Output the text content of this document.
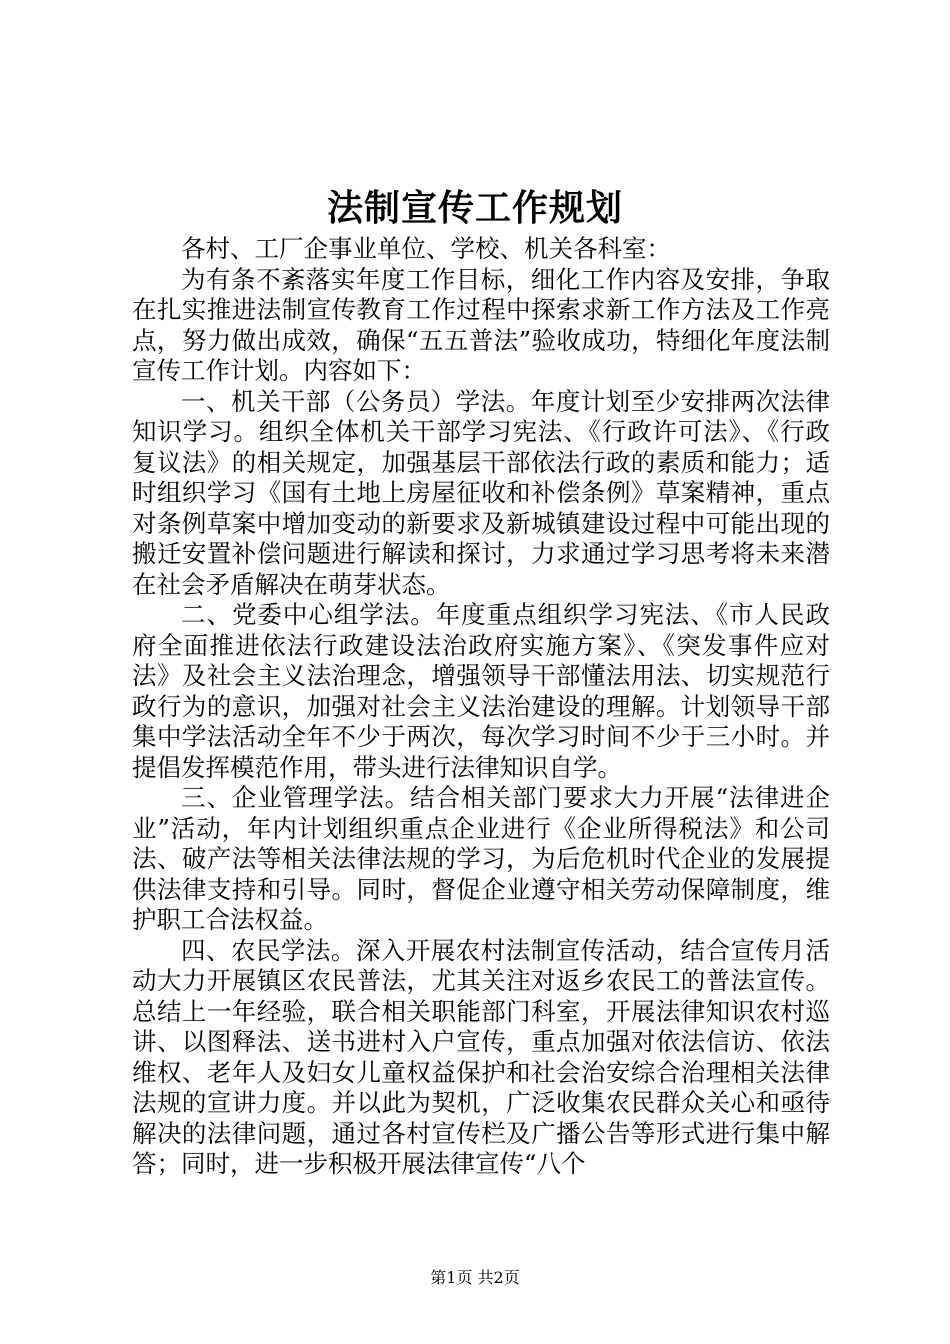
法制宣传工作规划

各村、工厂企事业单位、学校、机关各科室：

为有条不紊落实年度工作目标，细化工作内容及安排，争取在扎实推进法制宣传教育工作过程中探索求新工作方法及工作亮点，努力做出成效，确保“五五普法”验收成功，特细化年度法制宣传工作计划。内容如下：

一、机关干部（公务员）学法。年度计划至少安排两次法律知识学习。组织全体机关干部学习宪法、《行政许可法》、《行政复议法》的相关规定，加强基层干部依法行政的素质和能力；适时组织学习《国有土地上房屋征收和补偿条例》草案精神，重点对条例草案中增加变动的新要求及新城镇建设过程中可能出现的搬迁安置补偿问题进行解读和探讨，力求通过学习思考将未来潜在社会矛盾解决在萌芽状态。

二、党委中心组学法。年度重点组织学习宪法、《市人民政府全面推进依法行政建设法治政府实施方案》、《突发事件应对法》及社会主义法治理念，增强领导干部懂法用法、切实规范行政行为的意识，加强对社会主义法治建设的理解。计划领导干部集中学法活动全年不少于两次，每次学习时间不少于三小时。并提倡发挥模范作用，带头进行法律知识自学。

三、企业管理学法。结合相关部门要求大力开展“法律进企业”活动，年内计划组织重点企业进行《企业所得税法》和公司法、破产法等相关法律法规的学习，为后危机时代企业的发展提供法律支持和引导。同时，督促企业遵守相关劳动保障制度，维护职工合法权益。

四、农民学法。深入开展农村法制宣传活动，结合宣传月活动大力开展镇区农民普法，尤其关注对返乡农民工的普法宣传。总结上一年经验，联合相关职能部门科室，开展法律知识农村巡讲、以图释法、送书进村入户宣传，重点加强对依法信访、依法维权、老年人及妇女儿童权益保护和社会治安综合治理相关法律法规的宣讲力度。并以此为契机，广泛收集农民群众关心和亟待解决的法律问题，通过各村宣传栏及广播公告等形式进行集中解答；同时，进一步积极开展法律宣传“八个

第1页 共2页
